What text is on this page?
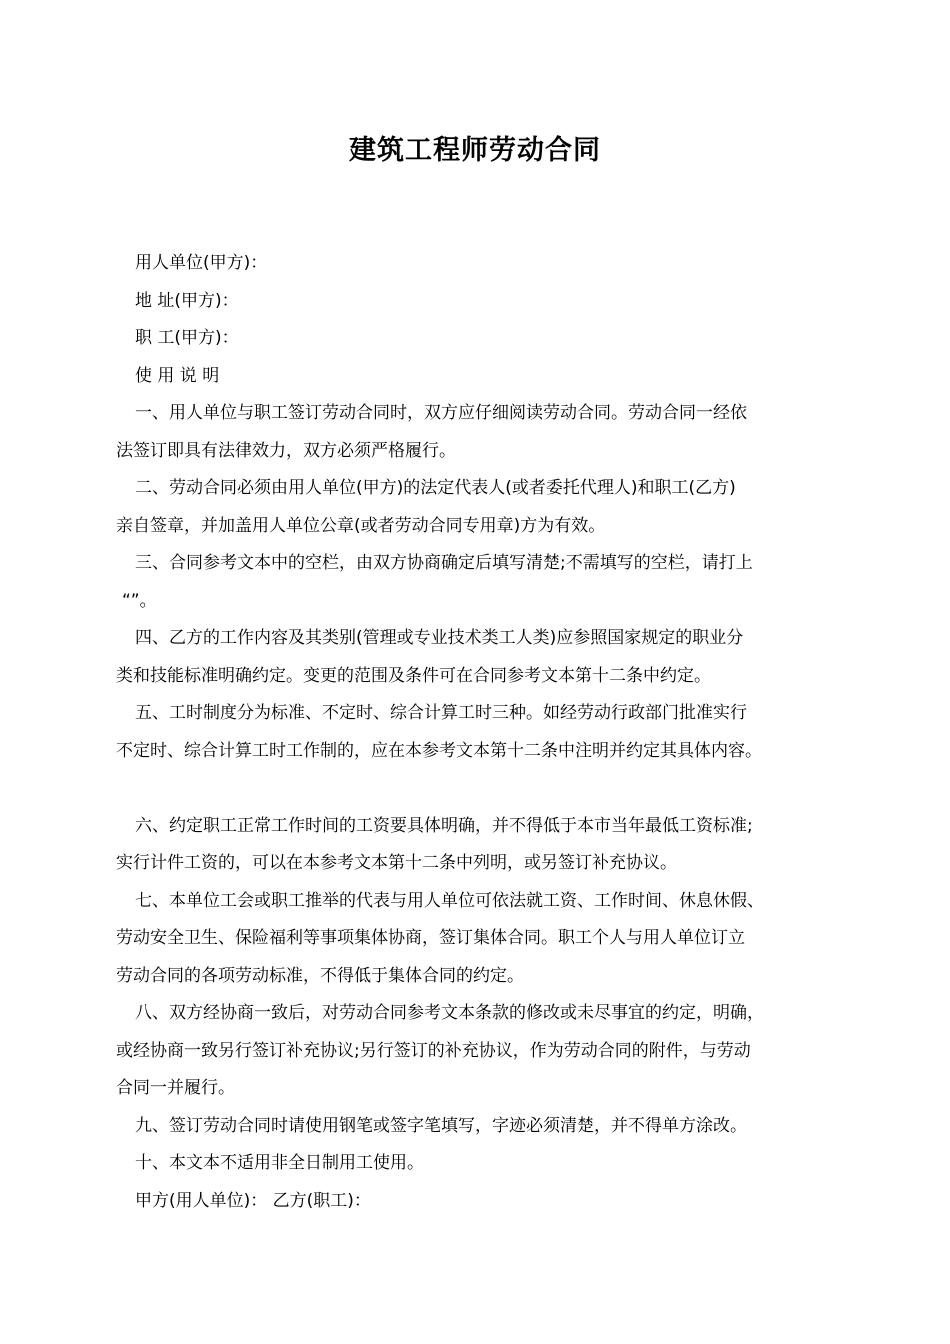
建筑工程师劳动合同
用人单位(甲方)：
地 址(甲方)：
职 工(甲方)：
使 用 说 明
一、用人单位与职工签订劳动合同时，双方应仔细阅读劳动合同。劳动合同一经依
法签订即具有法律效力，双方必须严格履行。
二、劳动合同必须由用人单位(甲方)的法定代表人(或者委托代理人)和职工(乙方)
亲自签章，并加盖用人单位公章(或者劳动合同专用章)方为有效。
三、合同参考文本中的空栏，由双方协商确定后填写清楚;不需填写的空栏，请打上
“”。
四、乙方的工作内容及其类别(管理或专业技术类工人类)应参照国家规定的职业分
类和技能标准明确约定。变更的范围及条件可在合同参考文本第十二条中约定。
五、工时制度分为标准、不定时、综合计算工时三种。如经劳动行政部门批准实行
不定时、综合计算工时工作制的，应在本参考文本第十二条中注明并约定其具体内容。
六、约定职工正常工作时间的工资要具体明确，并不得低于本市当年最低工资标准;
实行计件工资的，可以在本参考文本第十二条中列明，或另签订补充协议。
七、本单位工会或职工推举的代表与用人单位可依法就工资、工作时间、休息休假、
劳动安全卫生、保险福利等事项集体协商，签订集体合同。职工个人与用人单位订立
劳动合同的各项劳动标准，不得低于集体合同的约定。
八、双方经协商一致后，对劳动合同参考文本条款的修改或未尽事宜的约定，明确，
或经协商一致另行签订补充协议;另行签订的补充协议，作为劳动合同的附件，与劳动
合同一并履行。
九、签订劳动合同时请使用钢笔或签字笔填写，字迹必须清楚，并不得单方涂改。
十、本文本不适用非全日制用工使用。
甲方(用人单位)： 乙方(职工)：
